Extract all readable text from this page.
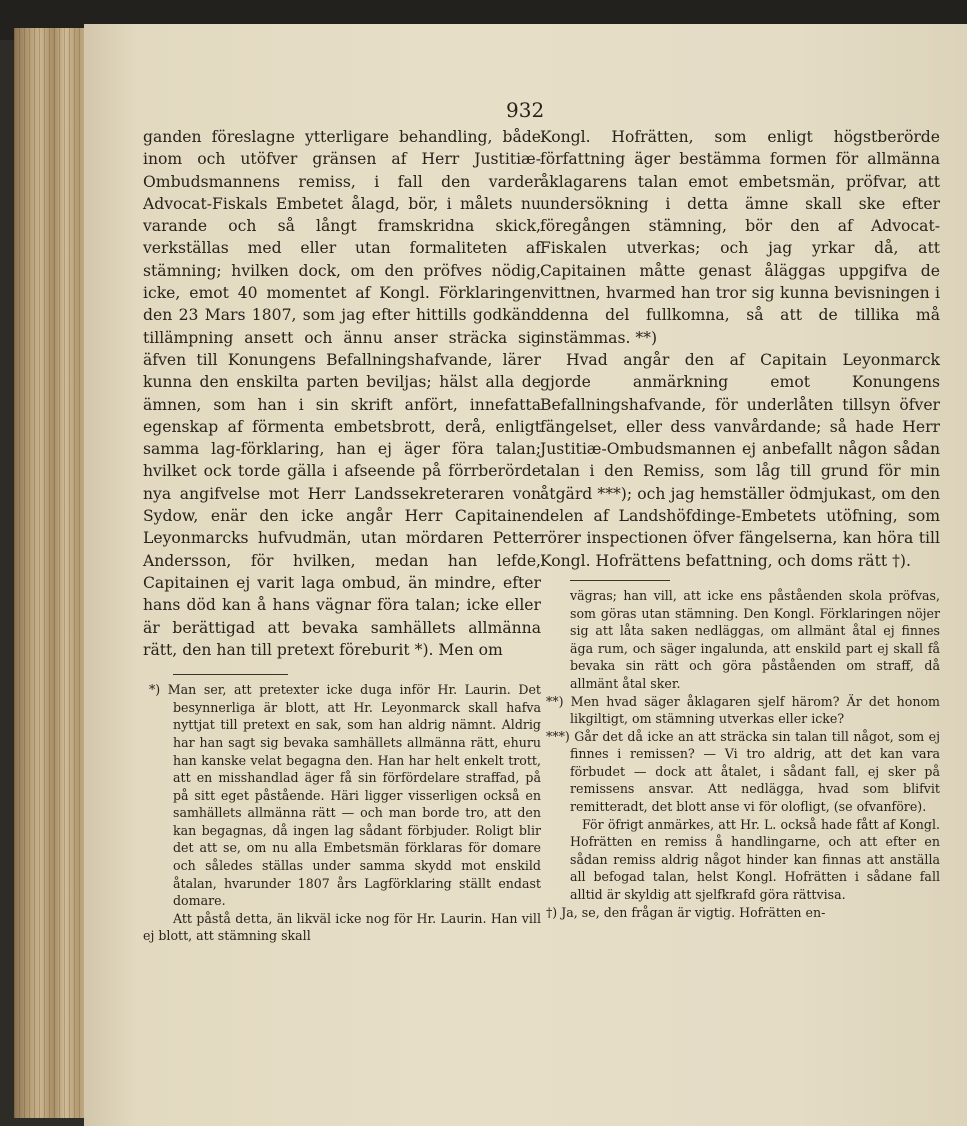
932

ganden föreslagne ytterligare behandling, både inom och utöfver gränsen af Herr Justitiæ-Ombudsmannens remiss, i fall den varder Advocat-Fiskals Embetet ålagd, bör, i målets nu varande och så långt framskridna skick, verkställas med eller utan formaliteten af stämning; hvilken dock, om den pröfves nödig, icke, emot 40 momentet af Kongl. Förklaringen den 23 Mars 1807, som jag efter hittills godkänd tillämpning ansett och ännu anser sträcka sig äfven till Konungens Befallningshafvande, lärer kunna den enskilta parten beviljas; hälst alla de ämnen, som han i sin skrift anfört, innefatta egenskap af förmenta embetsbrott, derå, enligt samma lag-förklaring, han ej äger föra talan; hvilket ock torde gälla i afseende på förrberörde nya angifvelse mot Herr Landssekreteraren von Sydow, enär den icke angår Herr Capitainen Leyonmarcks hufvudmän, utan mördaren Petter Andersson, för hvilken, medan han lefde, Capitainen ej varit laga ombud, än mindre, efter hans död kan å hans vägnar föra talan; icke eller är berättigad att bevaka samhällets allmänna rätt, den han till pretext föreburit *). Men om

*) Man ser, att pretexter icke duga inför Hr. Laurin. Det besynnerliga är blott, att Hr. Leyonmarck skall hafva nyttjat till pretext en sak, som han aldrig nämnt. Aldrig har han sagt sig bevaka samhällets allmänna rätt, ehuru han kanske velat begagna den. Han har helt enkelt trott, att en misshandlad äger få sin förfördelare straffad, på på sitt eget påstående. Häri ligger visserligen också en samhällets allmänna rätt — och man borde tro, att den kan begagnas, då ingen lag sådant förbjuder. Roligt blir det att se, om nu alla Embetsmän förklaras för domare och således ställas under samma skydd mot enskild åtalan, hvarunder 1807 års Lagförklaring ställt endast domare.

Att påstå detta, än likväl icke nog för Hr. Laurin. Han vill ej blott, att stämning skall

Kongl. Hofrätten, som enligt högstberörde författning äger bestämma formen för allmänna åklagarens talan emot embetsmän, pröfvar, att undersökning i detta ämne skall ske efter föregången stämning, bör den af Advocat-Fiskalen utverkas; och jag yrkar då, att Capitainen måtte genast åläggas uppgifva de vittnen, hvarmed han tror sig kunna bevisningen i denna del fullkomna, så att de tillika må instämmas. **)

Hvad angår den af Capitain Leyonmarck gjorde anmärkning emot Konungens Befallningshafvande, för underlåten tillsyn öfver fängelset, eller dess vanvårdande; så hade Herr Justitiæ-Ombudsmannen ej anbefallt någon sådan talan i den Remiss, som låg till grund för min åtgärd ***); och jag hemställer ödmjukast, om den delen af Landshöfdinge-Embetets utöfning, som rörer inspectionen öfver fängelserna, kan höra till Kongl. Hofrättens befattning, och doms rätt †).

vägras; han vill, att icke ens påståenden skola pröfvas, som göras utan stämning. Den Kongl. Förklaringen nöjer sig att låta saken nedläggas, om allmänt åtal ej finnes äga rum, och säger ingalunda, att enskild part ej skall få bevaka sin rätt och göra påståenden om straff, då allmänt åtal sker.

**) Men hvad säger åklagaren sjelf härom? Är det honom likgiltigt, om stämning utverkas eller icke?

***) Går det då icke an att sträcka sin talan till något, som ej finnes i remissen? — Vi tro aldrig, att det kan vara förbudet — dock att åtalet, i sådant fall, ej sker på remissens ansvar. Att nedlägga, hvad som blifvit remitteradt, det blott anse vi för olofligt, (se ofvanföre).

För öfrigt anmärkes, att Hr. L. också hade fått af Kongl. Hofrätten en remiss å handlingarne, och att efter en sådan remiss aldrig något hinder kan finnas att anställa all befogad talan, helst Kongl. Hofrätten i sådane fall alltid är skyldig att sjelfkrafd göra rättvisa.

†) Ja, se, den frågan är vigtig. Hofrätten en-
